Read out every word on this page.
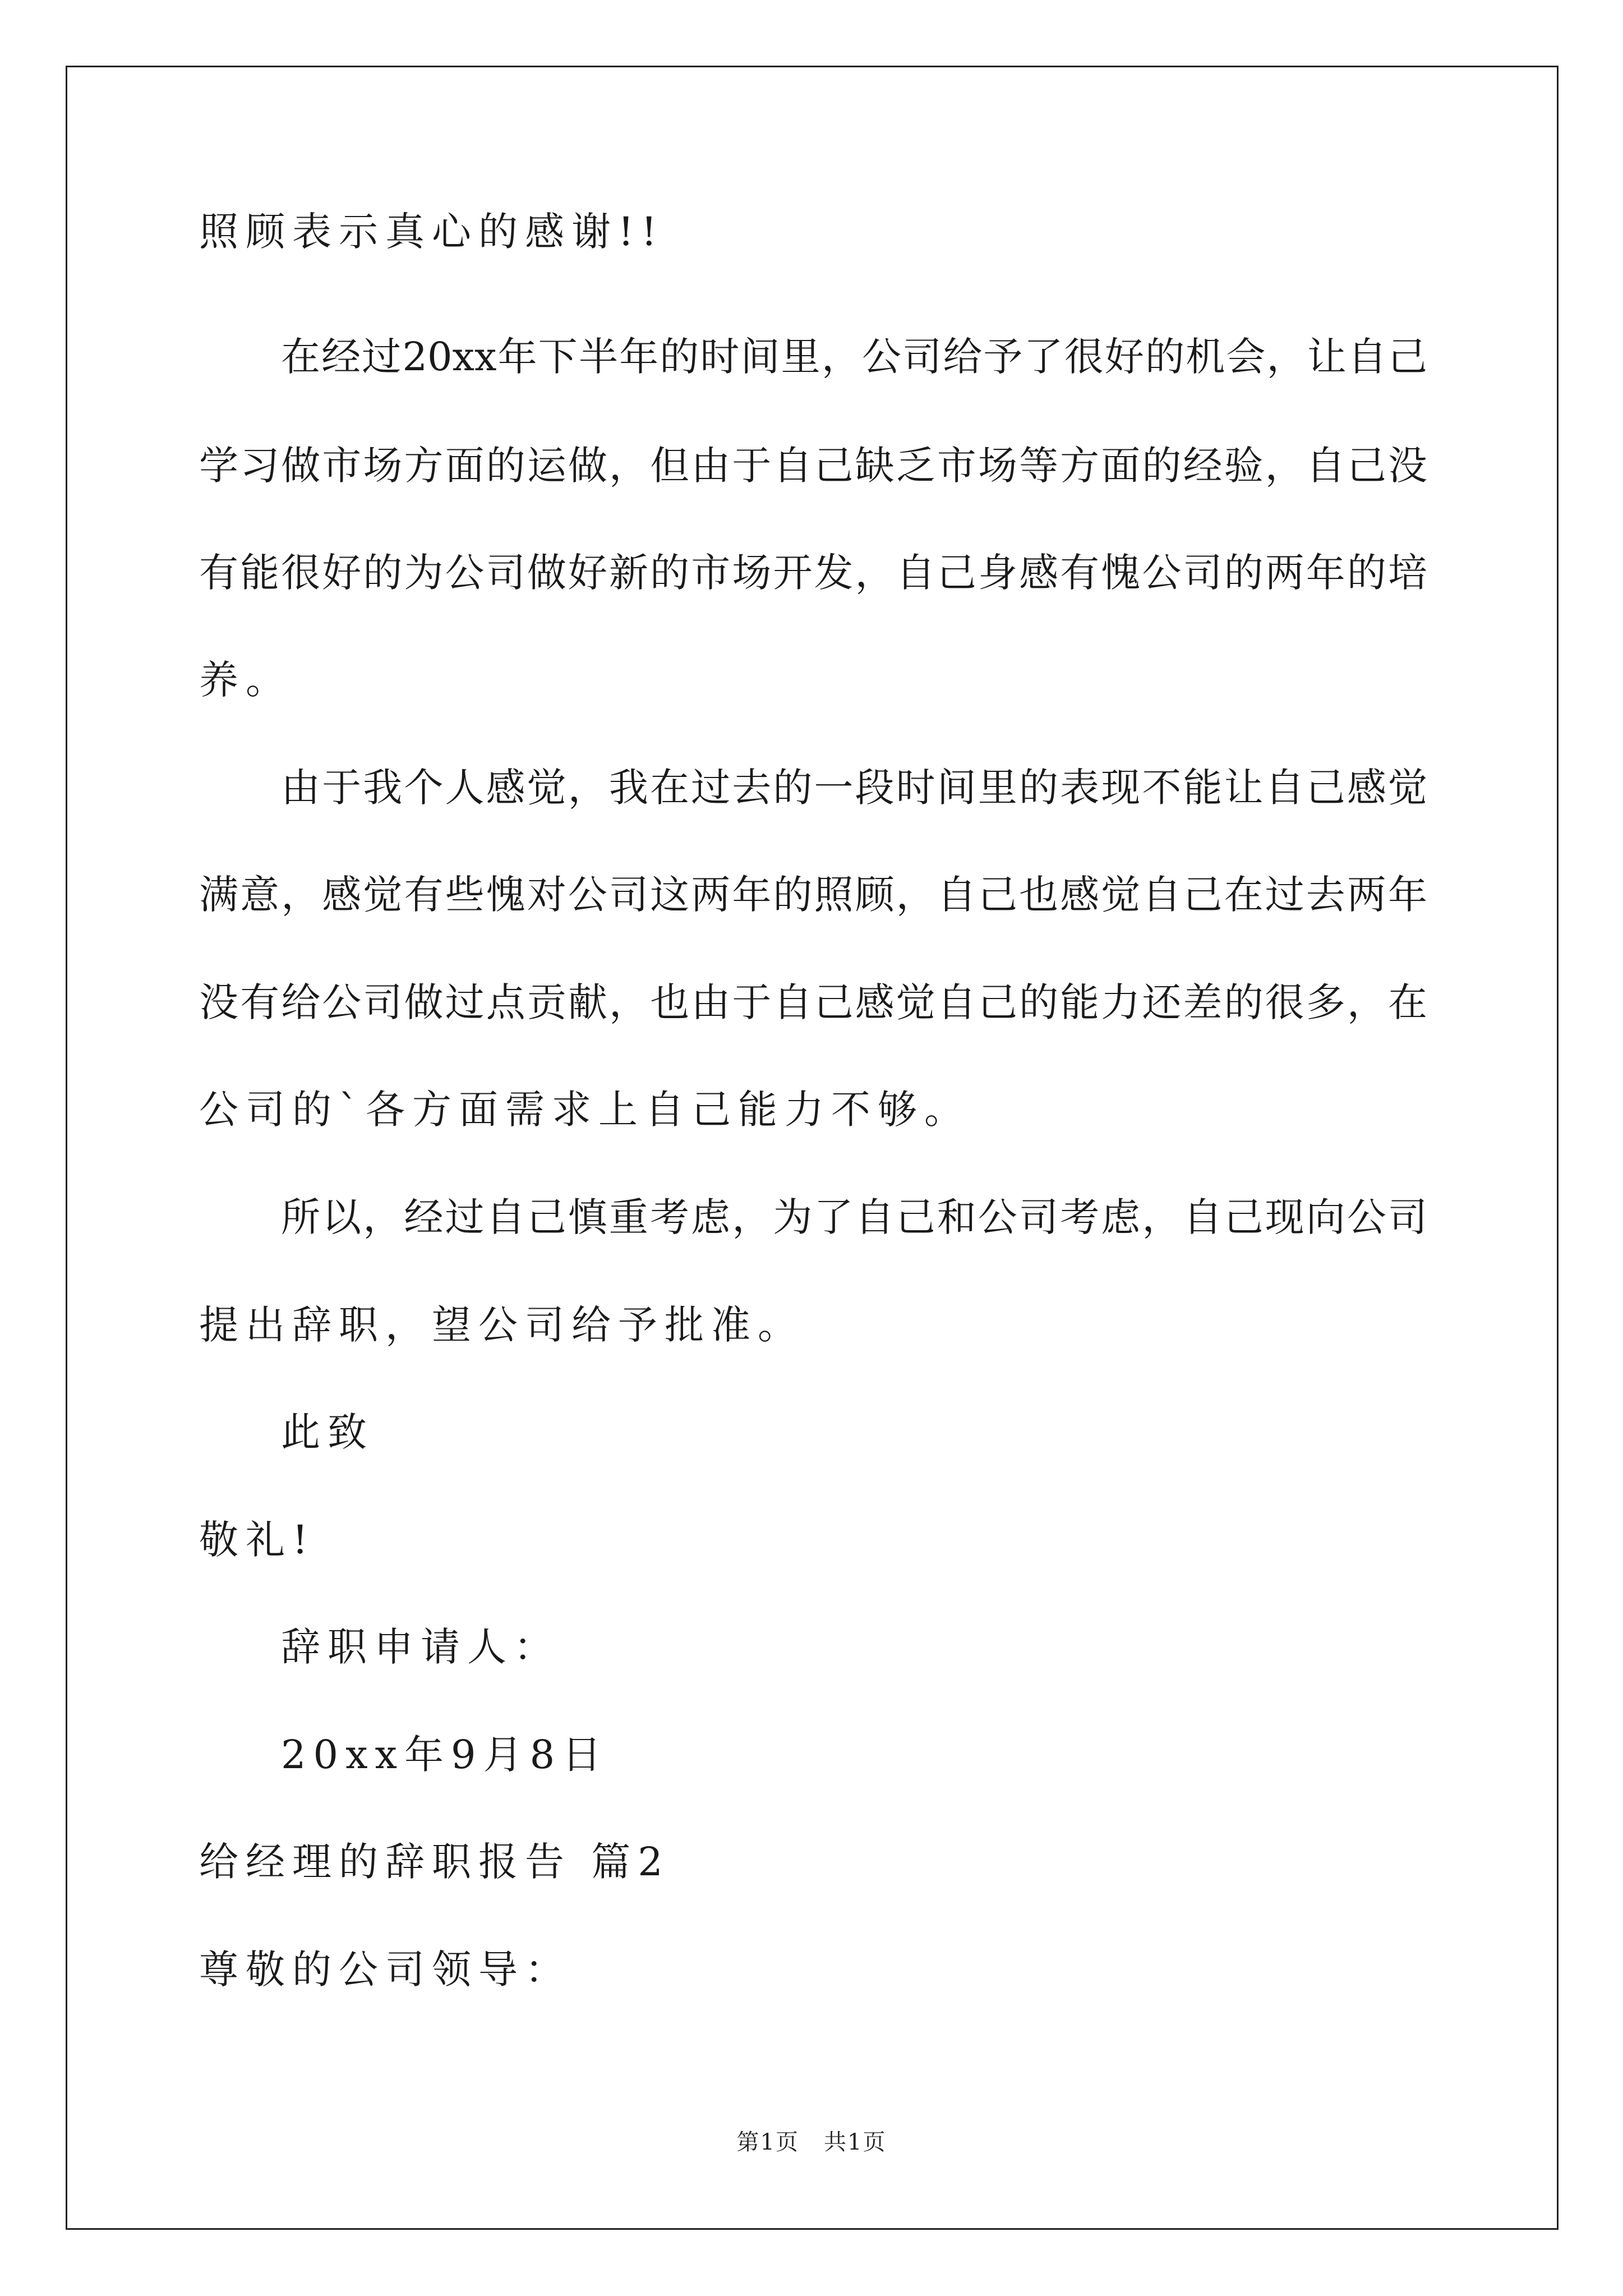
照顾表示真心的感谢!!
在经过20xx年下半年的时间里，公司给予了很好的机会，让自己
学习做市场方面的运做，但由于自己缺乏市场等方面的经验，自己没
有能很好的为公司做好新的市场开发，自己身感有愧公司的两年的培
养。
由于我个人感觉，我在过去的一段时间里的表现不能让自己感觉
满意，感觉有些愧对公司这两年的照顾，自己也感觉自己在过去两年
没有给公司做过点贡献，也由于自己感觉自己的能力还差的很多，在
公司的`各方面需求上自己能力不够。
所以，经过自己慎重考虑，为了自己和公司考虑，自己现向公司
提出辞职，望公司给予批准。
此致
敬礼!
辞职申请人：
20xx年9月8日
给经理的辞职报告 篇2
尊敬的公司领导：
第1页 共1页
